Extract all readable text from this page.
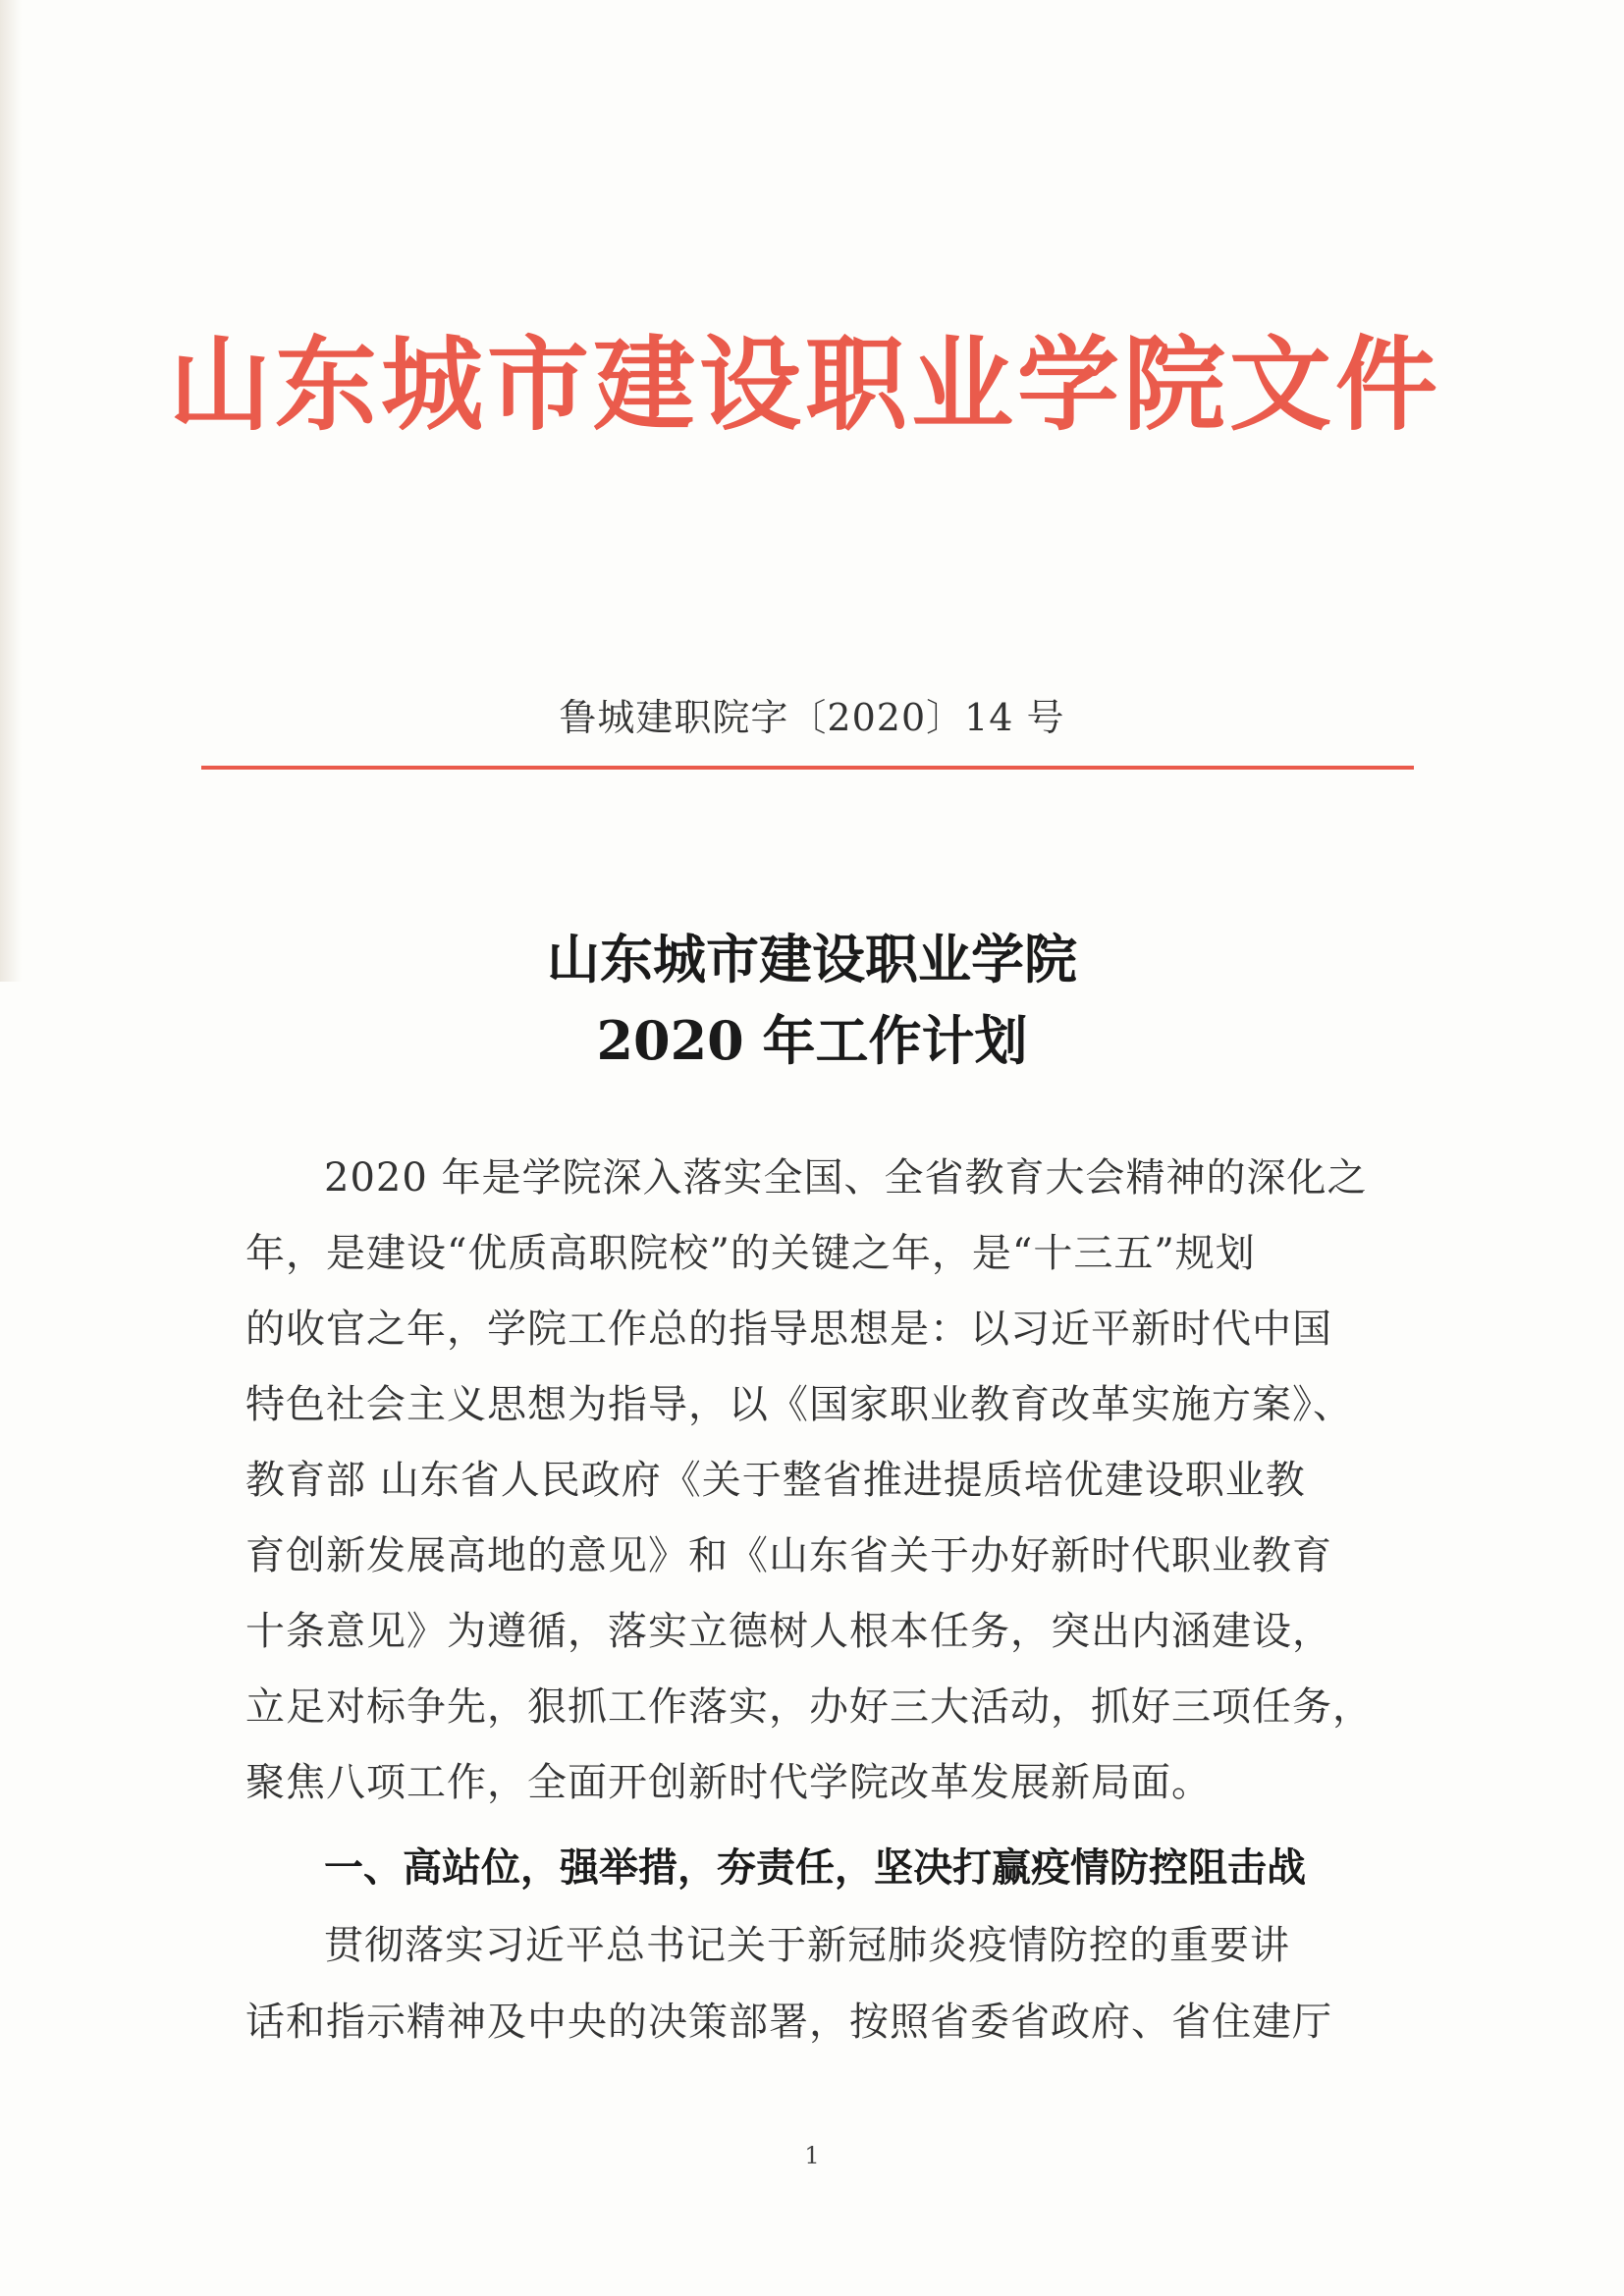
山东城市建设职业学院文件
鲁城建职院字〔2020〕14 号
山东城市建设职业学院
2020 年工作计划
2020 年是学院深入落实全国、全省教育大会精神的深化之
年，是建设“优质高职院校”的关键之年，是“十三五”规划
的收官之年，学院工作总的指导思想是：以习近平新时代中国
特色社会主义思想为指导，以《国家职业教育改革实施方案》、
教育部 山东省人民政府《关于整省推进提质培优建设职业教
育创新发展高地的意见》和《山东省关于办好新时代职业教育
十条意见》为遵循，落实立德树人根本任务，突出内涵建设，
立足对标争先，狠抓工作落实，办好三大活动，抓好三项任务，
聚焦八项工作，全面开创新时代学院改革发展新局面。
一、高站位，强举措，夯责任，坚决打赢疫情防控阻击战
贯彻落实习近平总书记关于新冠肺炎疫情防控的重要讲
话和指示精神及中央的决策部署，按照省委省政府、省住建厅
1
